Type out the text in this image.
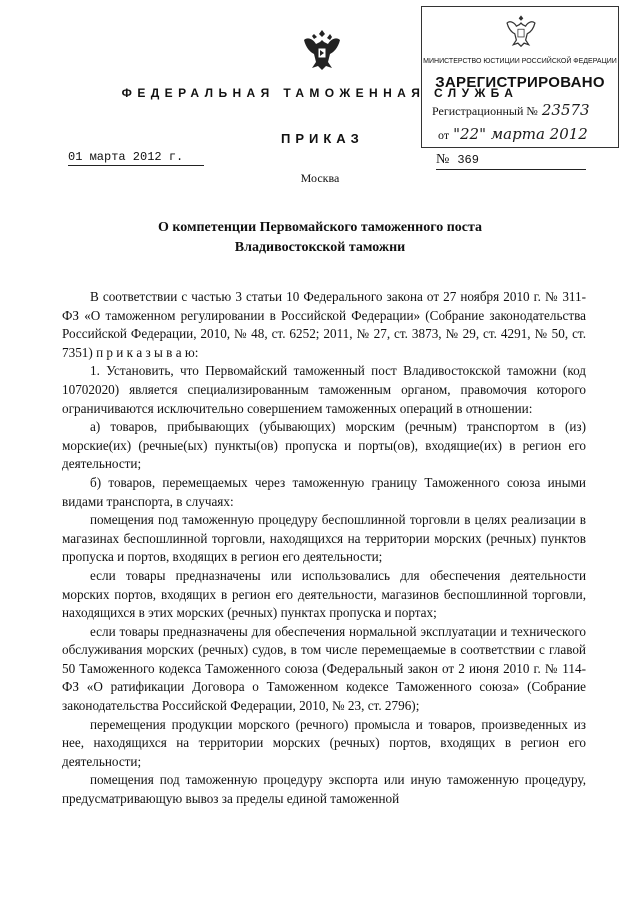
ФЕДЕРАЛЬНАЯ ТАМОЖЕННАЯ СЛУЖБА
ПРИКАЗ
01 марта 2012 г.	№ 369
Москва
О компетенции Первомайского таможенного поста
Владивостокской таможни
МИНИСТЕРСТВО ЮСТИЦИИ РОССИЙСКОЙ ФЕДЕРАЦИИ
ЗАРЕГИСТРИРОВАНО
Регистрационный № 23573
от "22" марта 2012

В соответствии с частью 3 статьи 10 Федерального закона от 27 ноября 2010 г. № 311-ФЗ «О таможенном регулировании в Российской Федерации» (Собрание законодательства Российской Федерации, 2010, № 48, ст. 6252; 2011, № 27, ст. 3873, № 29, ст. 4291, № 50, ст. 7351) п р и к а з ы в а ю:

1. Установить, что Первомайский таможенный пост Владивостокской таможни (код 10702020) является специализированным таможенным органом, правомочия которого ограничиваются исключительно совершением таможенных операций в отношении:

а) товаров, прибывающих (убывающих) морским (речным) транспортом в (из) морские(их) (речные(ых) пункты(ов) пропуска и порты(ов), входящие(их) в регион его деятельности;

б) товаров, перемещаемых через таможенную границу Таможенного союза иными видами транспорта, в случаях:

помещения под таможенную процедуру беспошлинной торговли в целях реализации в магазинах беспошлинной торговли, находящихся на территории морских (речных) пунктов пропуска и портов, входящих в регион его деятельности;

если товары предназначены или использовались для обеспечения деятельности морских портов, входящих в регион его деятельности, магазинов беспошлинной торговли, находящихся в этих морских (речных) пунктах пропуска и портах;

если товары предназначены для обеспечения нормальной эксплуатации и технического обслуживания морских (речных) судов, в том числе перемещаемые в соответствии с главой 50 Таможенного кодекса Таможенного союза (Федеральный закон от 2 июня 2010 г. № 114-ФЗ «О ратификации Договора о Таможенном кодексе Таможенного союза» (Собрание законодательства Российской Федерации, 2010, № 23, ст. 2796);

перемещения продукции морского (речного) промысла и товаров, произведенных из нее, находящихся на территории морских (речных) портов, входящих в регион его деятельности;

помещения под таможенную процедуру экспорта или иную таможенную процедуру, предусматривающую вывоз за пределы единой таможенной
